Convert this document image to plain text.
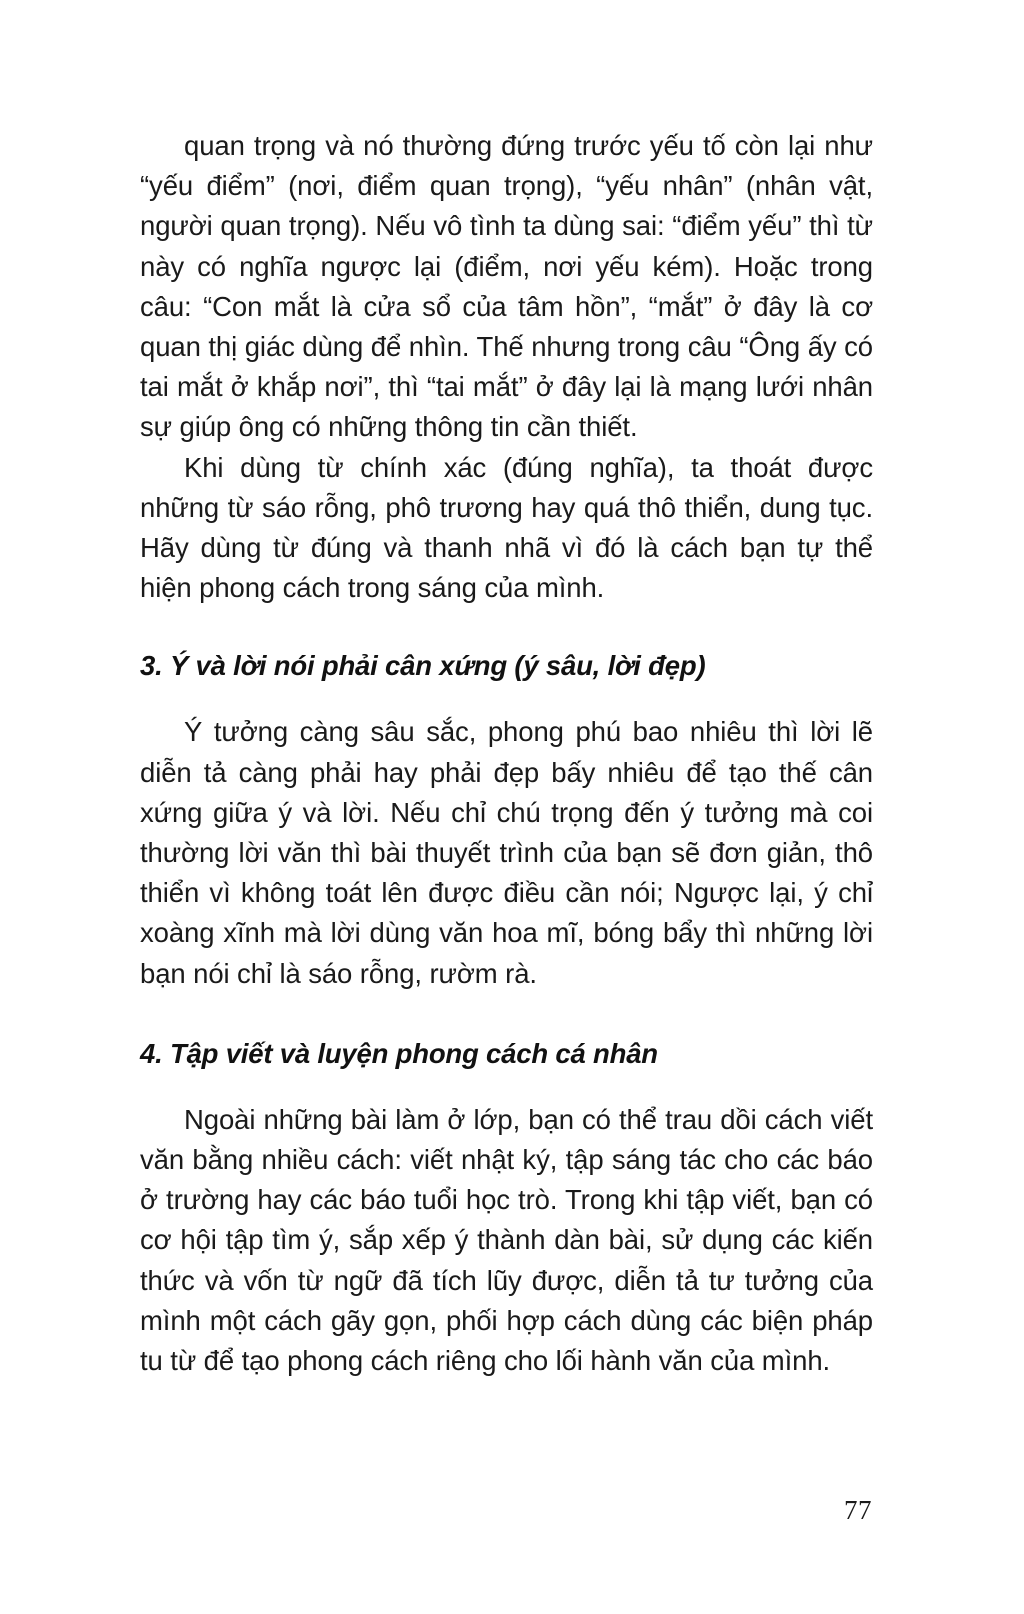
quan trọng và nó thường đứng trước yếu tố còn lại như “yếu điểm” (nơi, điểm quan trọng), “yếu nhân” (nhân vật, người quan trọng). Nếu vô tình ta dùng sai: “điểm yếu” thì từ này có nghĩa ngược lại (điểm, nơi yếu kém). Hoặc trong câu: “Con mắt là cửa sổ của tâm hồn”, “mắt” ở đây là cơ quan thị giác dùng để nhìn. Thế nhưng trong câu “Ông ấy có tai mắt ở khắp nơi”, thì “tai mắt” ở đây lại là mạng lưới nhân sự giúp ông có những thông tin cần thiết.

Khi dùng từ chính xác (đúng nghĩa), ta thoát được những từ sáo rỗng, phô trương hay quá thô thiển, dung tục. Hãy dùng từ đúng và thanh nhã vì đó là cách bạn tự thể hiện phong cách trong sáng của mình.

3. Ý và lời nói phải cân xứng (ý sâu, lời đẹp)

Ý tưởng càng sâu sắc, phong phú bao nhiêu thì lời lẽ diễn tả càng phải hay phải đẹp bấy nhiêu để tạo thế cân xứng giữa ý và lời. Nếu chỉ chú trọng đến ý tưởng mà coi thường lời văn thì bài thuyết trình của bạn sẽ đơn giản, thô thiển vì không toát lên được điều cần nói; Ngược lại, ý chỉ xoàng xĩnh mà lời dùng văn hoa mĩ, bóng bẩy thì những lời bạn nói chỉ là sáo rỗng, rườm rà.

4. Tập viết và luyện phong cách cá nhân

Ngoài những bài làm ở lớp, bạn có thể trau dồi cách viết văn bằng nhiều cách: viết nhật ký, tập sáng tác cho các báo ở trường hay các báo tuổi học trò. Trong khi tập viết, bạn có cơ hội tập tìm ý, sắp xếp ý thành dàn bài, sử dụng các kiến thức và vốn từ ngữ đã tích lũy được, diễn tả tư tưởng của mình một cách gãy gọn, phối hợp cách dùng các biện pháp tu từ để tạo phong cách riêng cho lối hành văn của mình.

77
